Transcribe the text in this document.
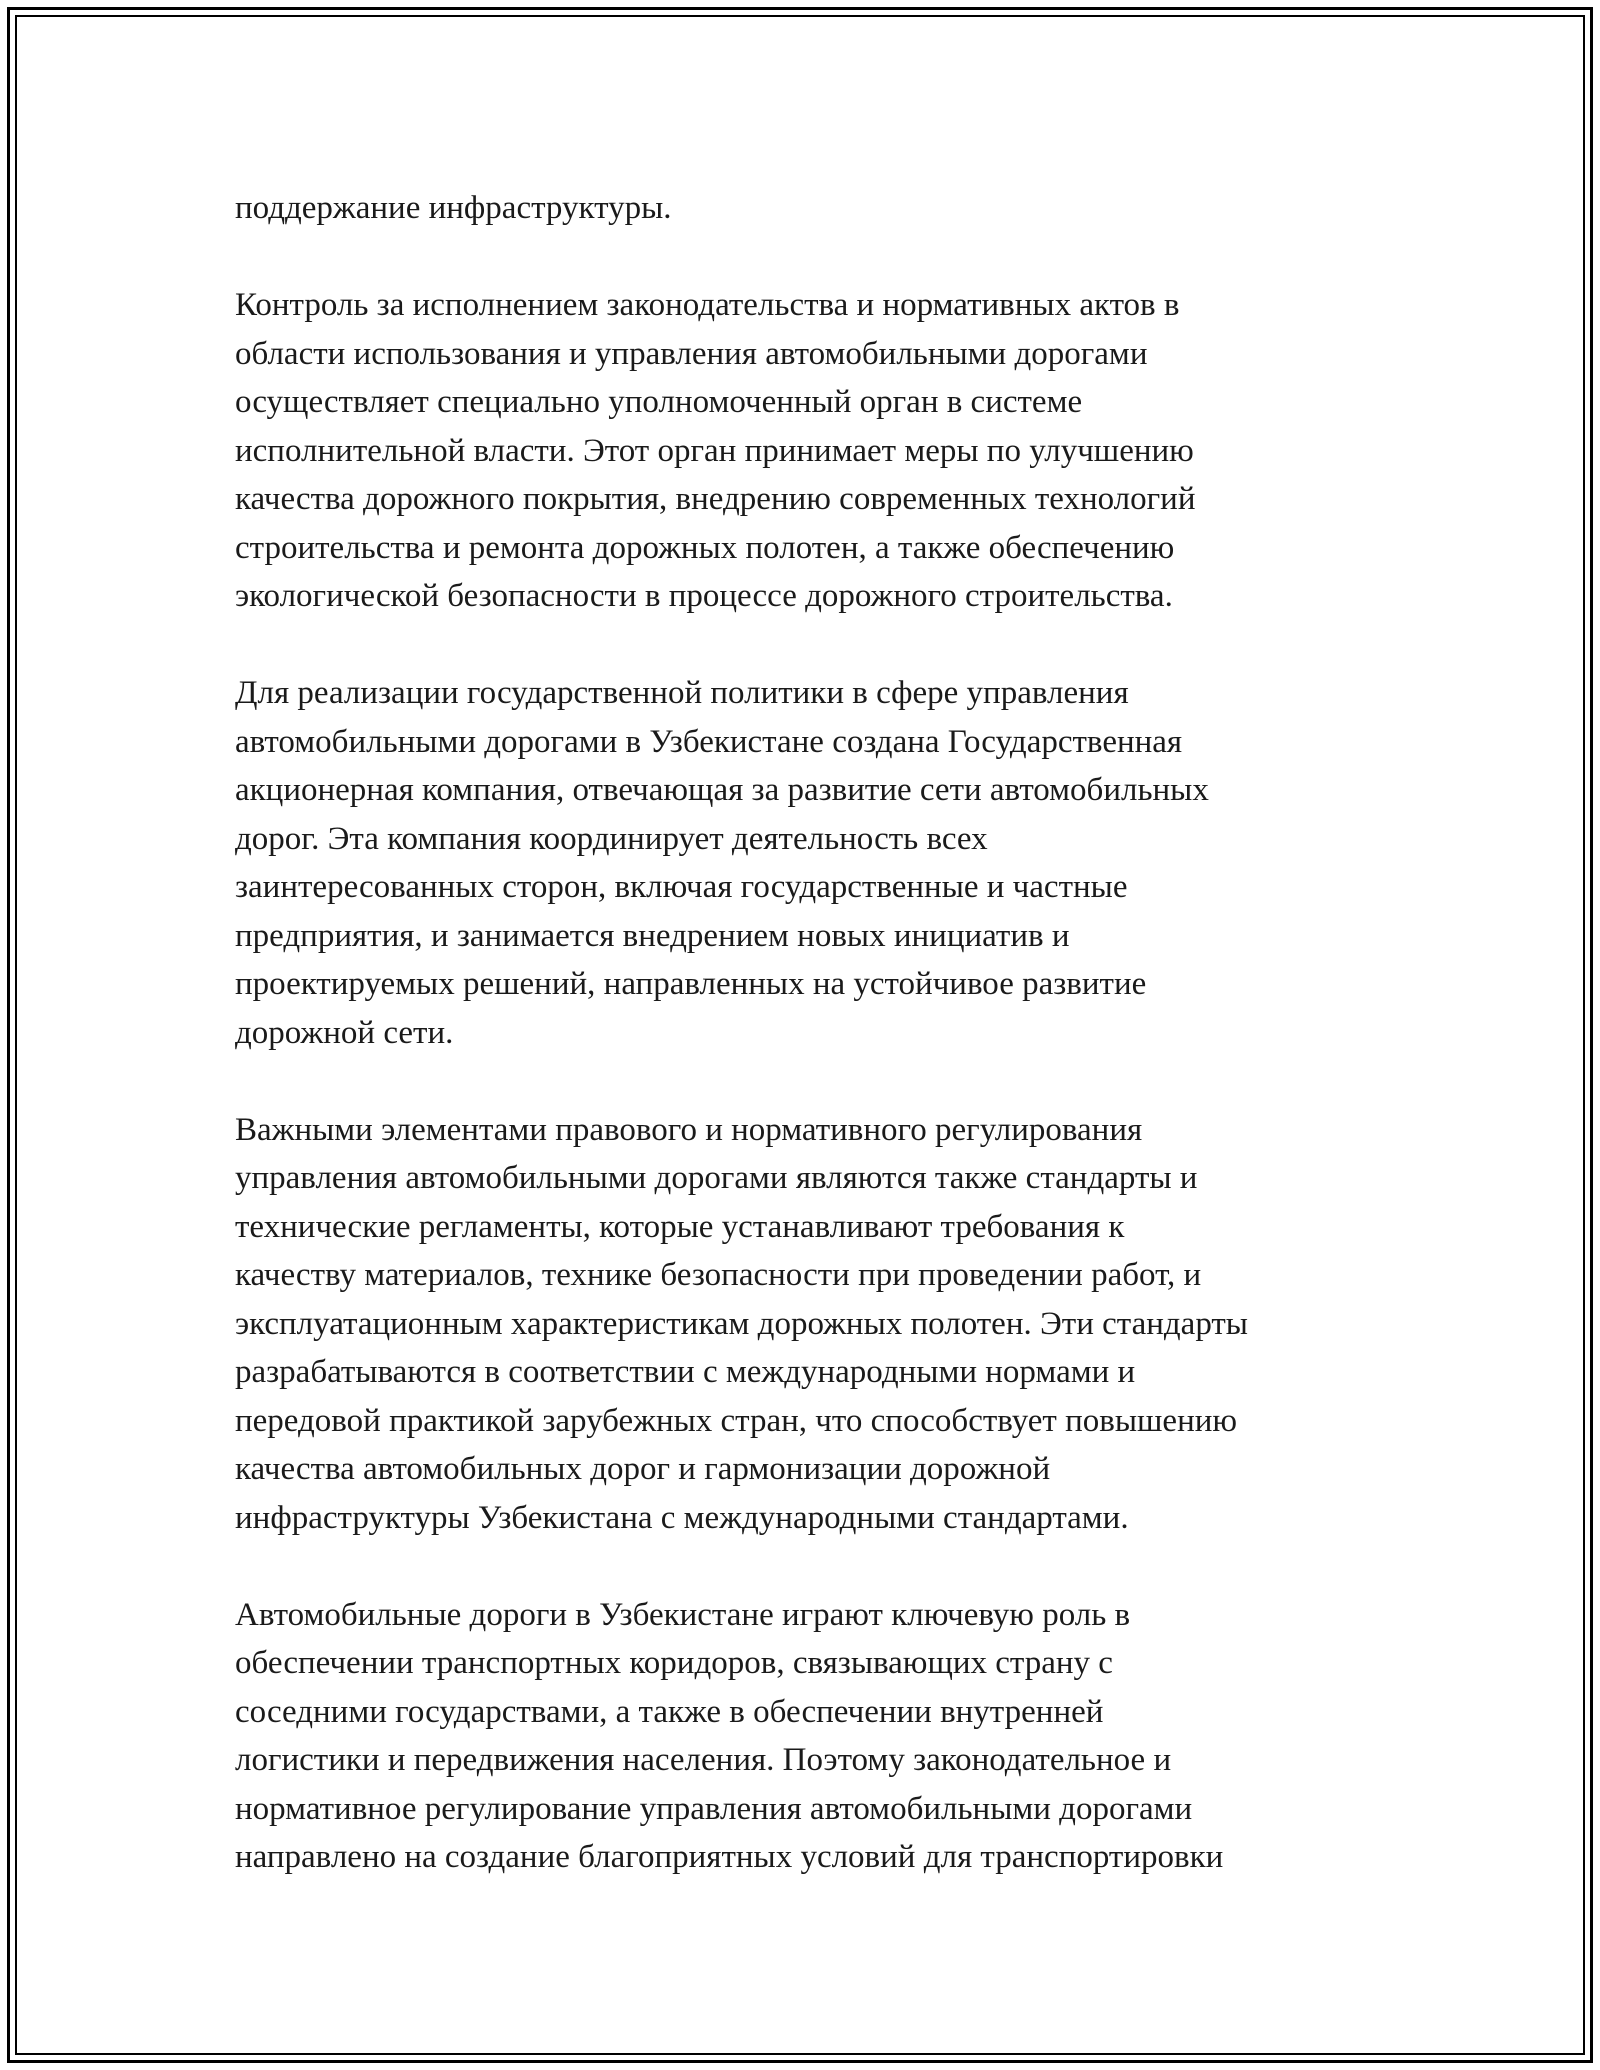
поддержание инфраструктуры.

Контроль за исполнением законодательства и нормативных актов в
области использования и управления автомобильными дорогами
осуществляет специально уполномоченный орган в системе
исполнительной власти. Этот орган принимает меры по улучшению
качества дорожного покрытия, внедрению современных технологий
строительства и ремонта дорожных полотен, а также обеспечению
экологической безопасности в процессе дорожного строительства.

Для реализации государственной политики в сфере управления
автомобильными дорогами в Узбекистане создана Государственная
акционерная компания, отвечающая за развитие сети автомобильных
дорог. Эта компания координирует деятельность всех
заинтересованных сторон, включая государственные и частные
предприятия, и занимается внедрением новых инициатив и
проектируемых решений, направленных на устойчивое развитие
дорожной сети.

Важными элементами правового и нормативного регулирования
управления автомобильными дорогами являются также стандарты и
технические регламенты, которые устанавливают требования к
качеству материалов, технике безопасности при проведении работ, и
эксплуатационным характеристикам дорожных полотен. Эти стандарты
разрабатываются в соответствии с международными нормами и
передовой практикой зарубежных стран, что способствует повышению
качества автомобильных дорог и гармонизации дорожной
инфраструктуры Узбекистана с международными стандартами.

Автомобильные дороги в Узбекистане играют ключевую роль в
обеспечении транспортных коридоров, связывающих страну с
соседними государствами, а также в обеспечении внутренней
логистики и передвижения населения. Поэтому законодательное и
нормативное регулирование управления автомобильными дорогами
направлено на создание благоприятных условий для транспортировки
